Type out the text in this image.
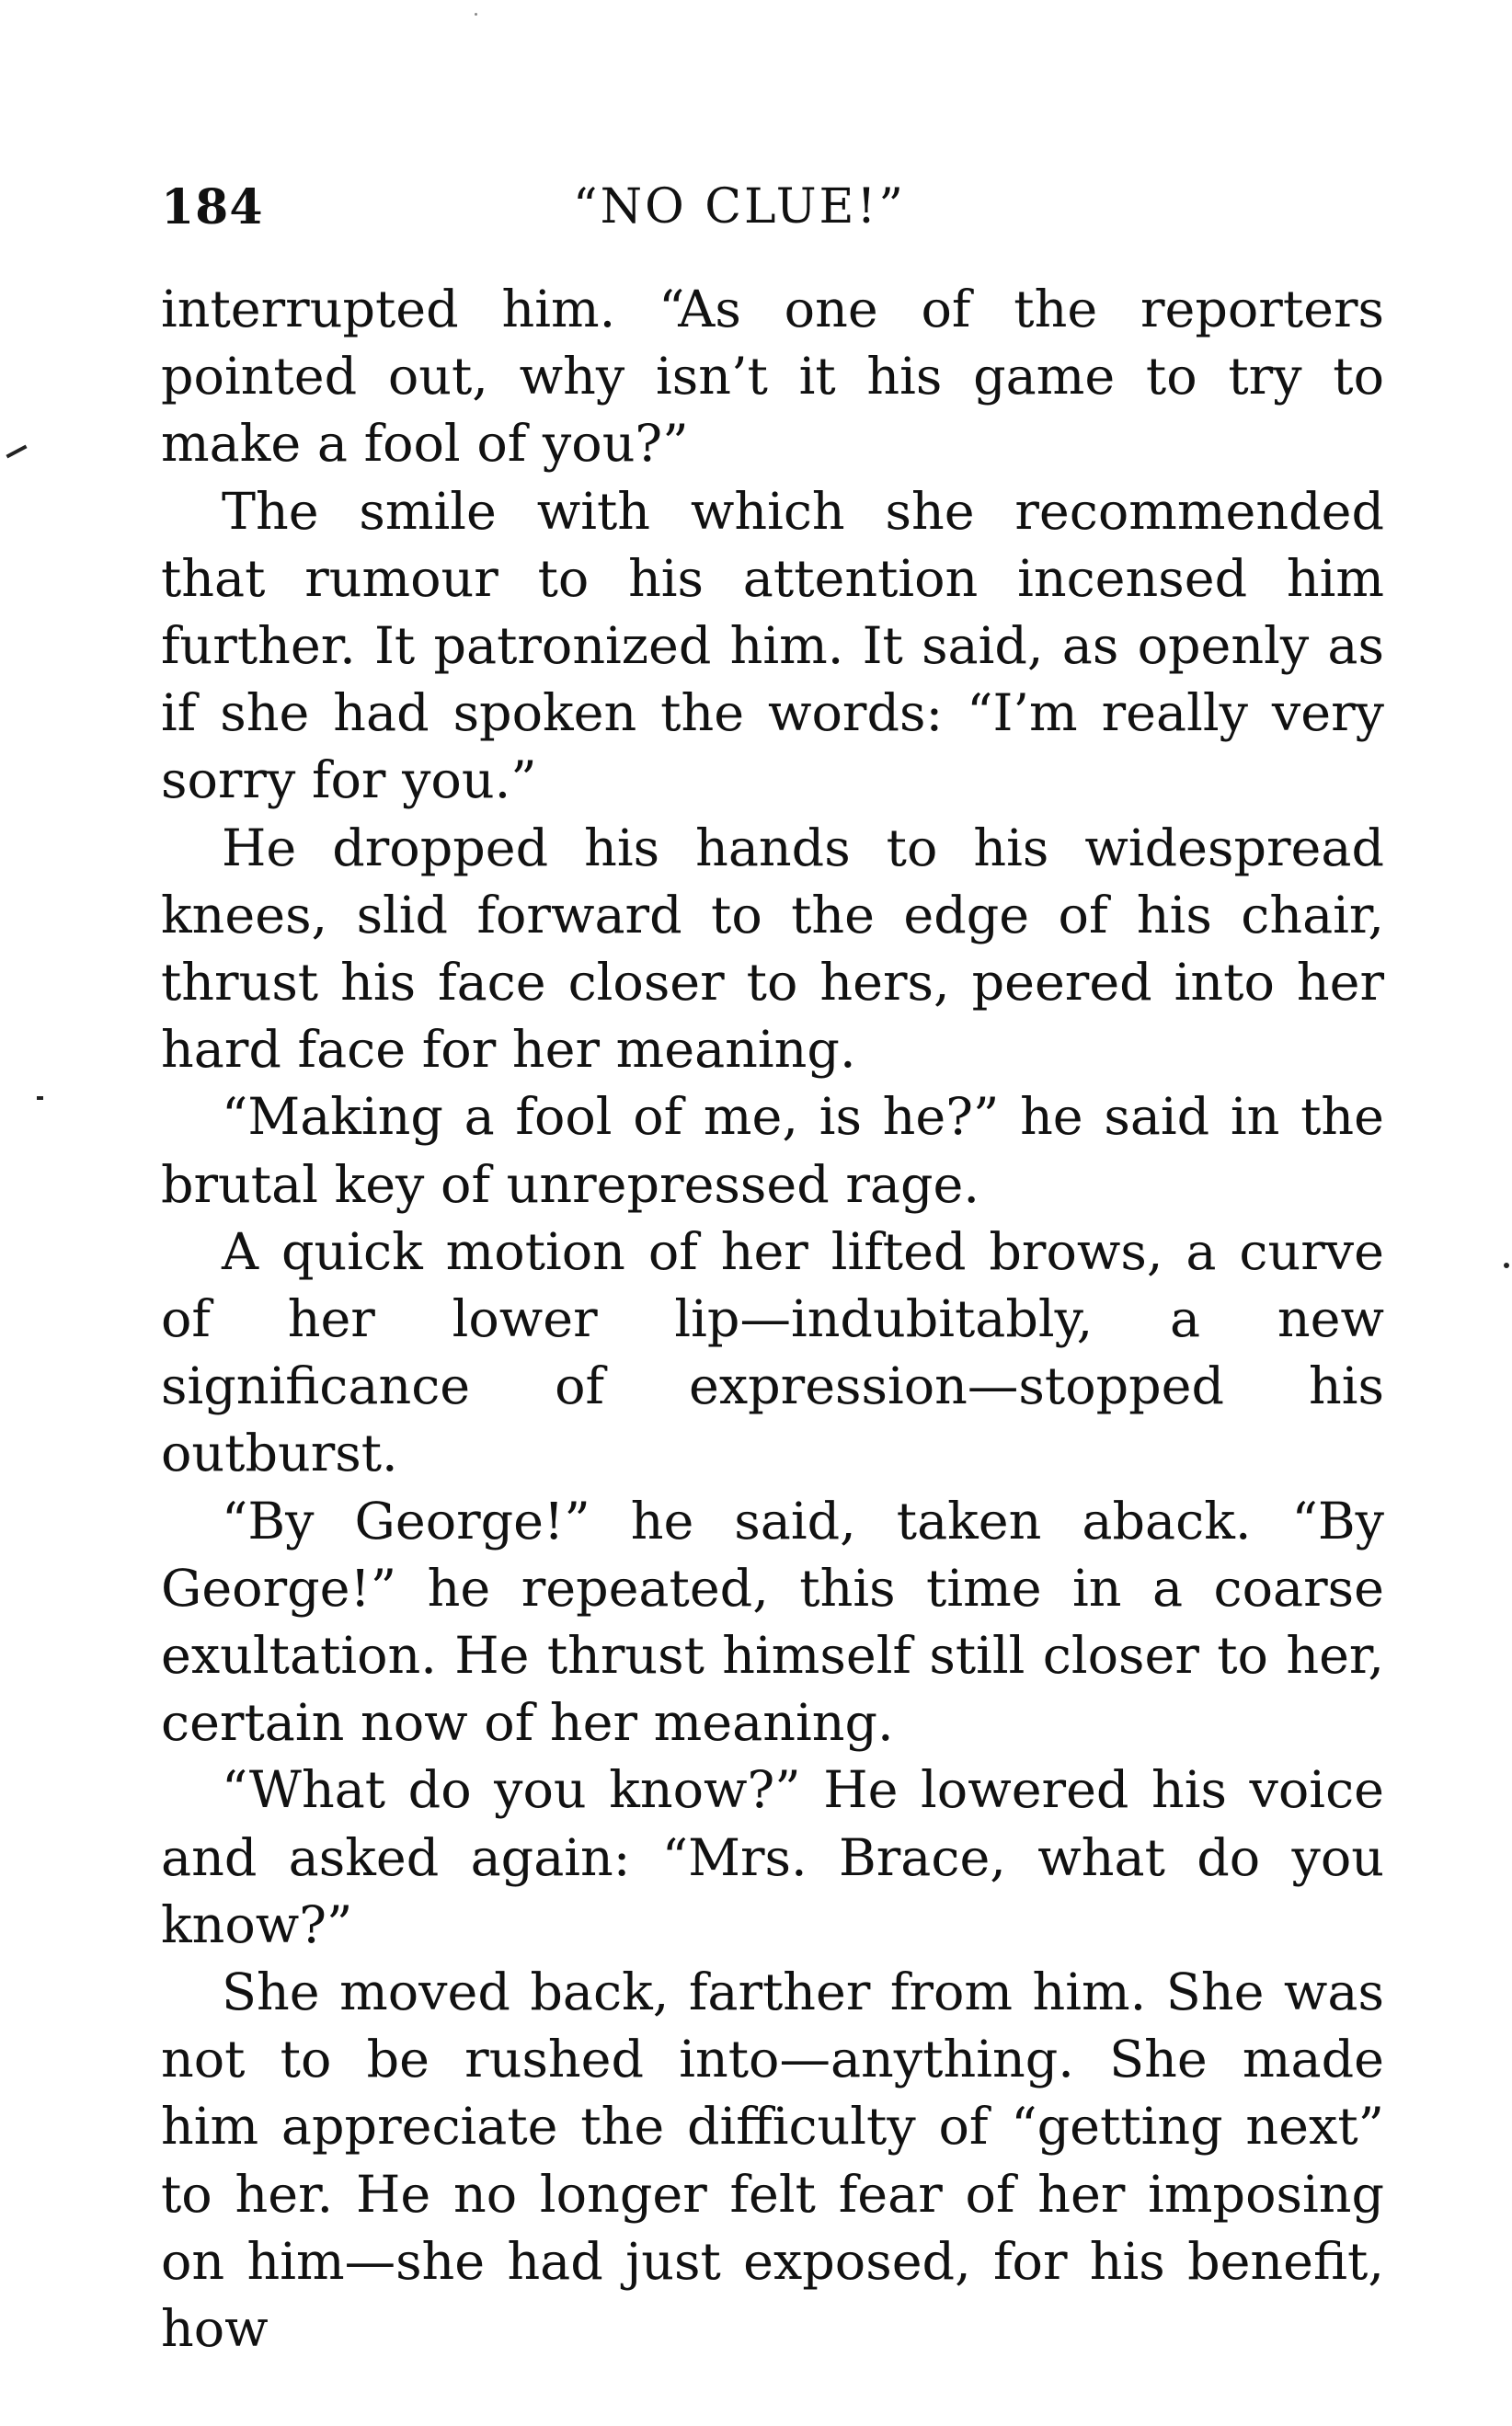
184	“NO CLUE!”

interrupted him. “As one of the reporters pointed out, why isn’t it his game to try to make a fool of you?”

The smile with which she recommended that rumour to his attention incensed him further. It patronized him. It said, as openly as if she had spoken the words: “I’m really very sorry for you.”

He dropped his hands to his widespread knees, slid forward to the edge of his chair, thrust his face closer to hers, peered into her hard face for her meaning.

“Making a fool of me, is he?” he said in the brutal key of unrepressed rage.

A quick motion of her lifted brows, a curve of her lower lip—indubitably, a new significance of expression—stopped his outburst.

“By George!” he said, taken aback. “By George!” he repeated, this time in a coarse exultation. He thrust himself still closer to her, certain now of her meaning.

“What do you know?” He lowered his voice and asked again: “Mrs. Brace, what do you know?”

She moved back, farther from him. She was not to be rushed into—anything. She made him appreciate the difficulty of “getting next” to her. He no longer felt fear of her imposing on him—she had just exposed, for his benefit, how
